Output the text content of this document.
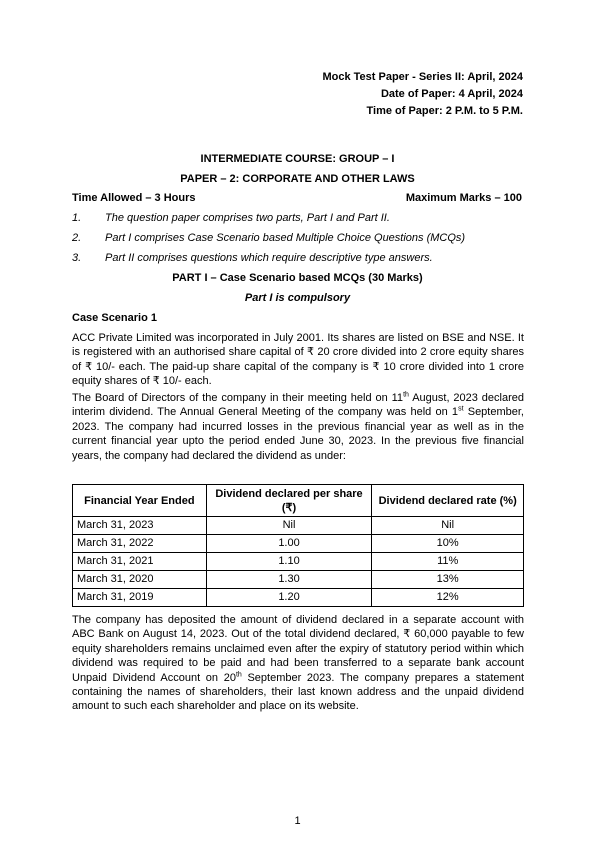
Mock Test Paper - Series II: April, 2024
Date of Paper: 4 April, 2024
Time of Paper: 2 P.M. to 5 P.M.
INTERMEDIATE COURSE: GROUP – I
PAPER – 2: CORPORATE AND OTHER LAWS
Time Allowed – 3 Hours	Maximum Marks – 100
1.	The question paper comprises two parts, Part I and Part II.
2.	Part I comprises Case Scenario based Multiple Choice Questions (MCQs)
3.	Part II comprises questions which require descriptive type answers.
PART I – Case Scenario based MCQs (30 Marks)
Part I is compulsory
Case Scenario 1
ACC Private Limited was incorporated in July 2001. Its shares are listed on BSE and NSE. It is registered with an authorised share capital of ₹ 20 crore divided into 2 crore equity shares of ₹ 10/- each. The paid-up share capital of the company is ₹ 10 crore divided into 1 crore equity shares of ₹ 10/- each.
The Board of Directors of the company in their meeting held on 11th August, 2023 declared interim dividend. The Annual General Meeting of the company was held on 1st September, 2023. The company had incurred losses in the previous financial year as well as in the current financial year upto the period ended June 30, 2023. In the previous five financial years, the company had declared the dividend as under:
Financial Year Ended	Dividend declared per share (₹)	Dividend declared rate (%)
March 31, 2023	Nil	Nil
March 31, 2022	1.00	10%
March 31, 2021	1.10	11%
March 31, 2020	1.30	13%
March 31, 2019	1.20	12%
The company has deposited the amount of dividend declared in a separate account with ABC Bank on August 14, 2023. Out of the total dividend declared, ₹ 60,000 payable to few equity shareholders remains unclaimed even after the expiry of statutory period within which dividend was required to be paid and had been transferred to a separate bank account Unpaid Dividend Account on 20th September 2023. The company prepares a statement containing the names of shareholders, their last known address and the unpaid dividend amount to such each shareholder and place on its website.
1
